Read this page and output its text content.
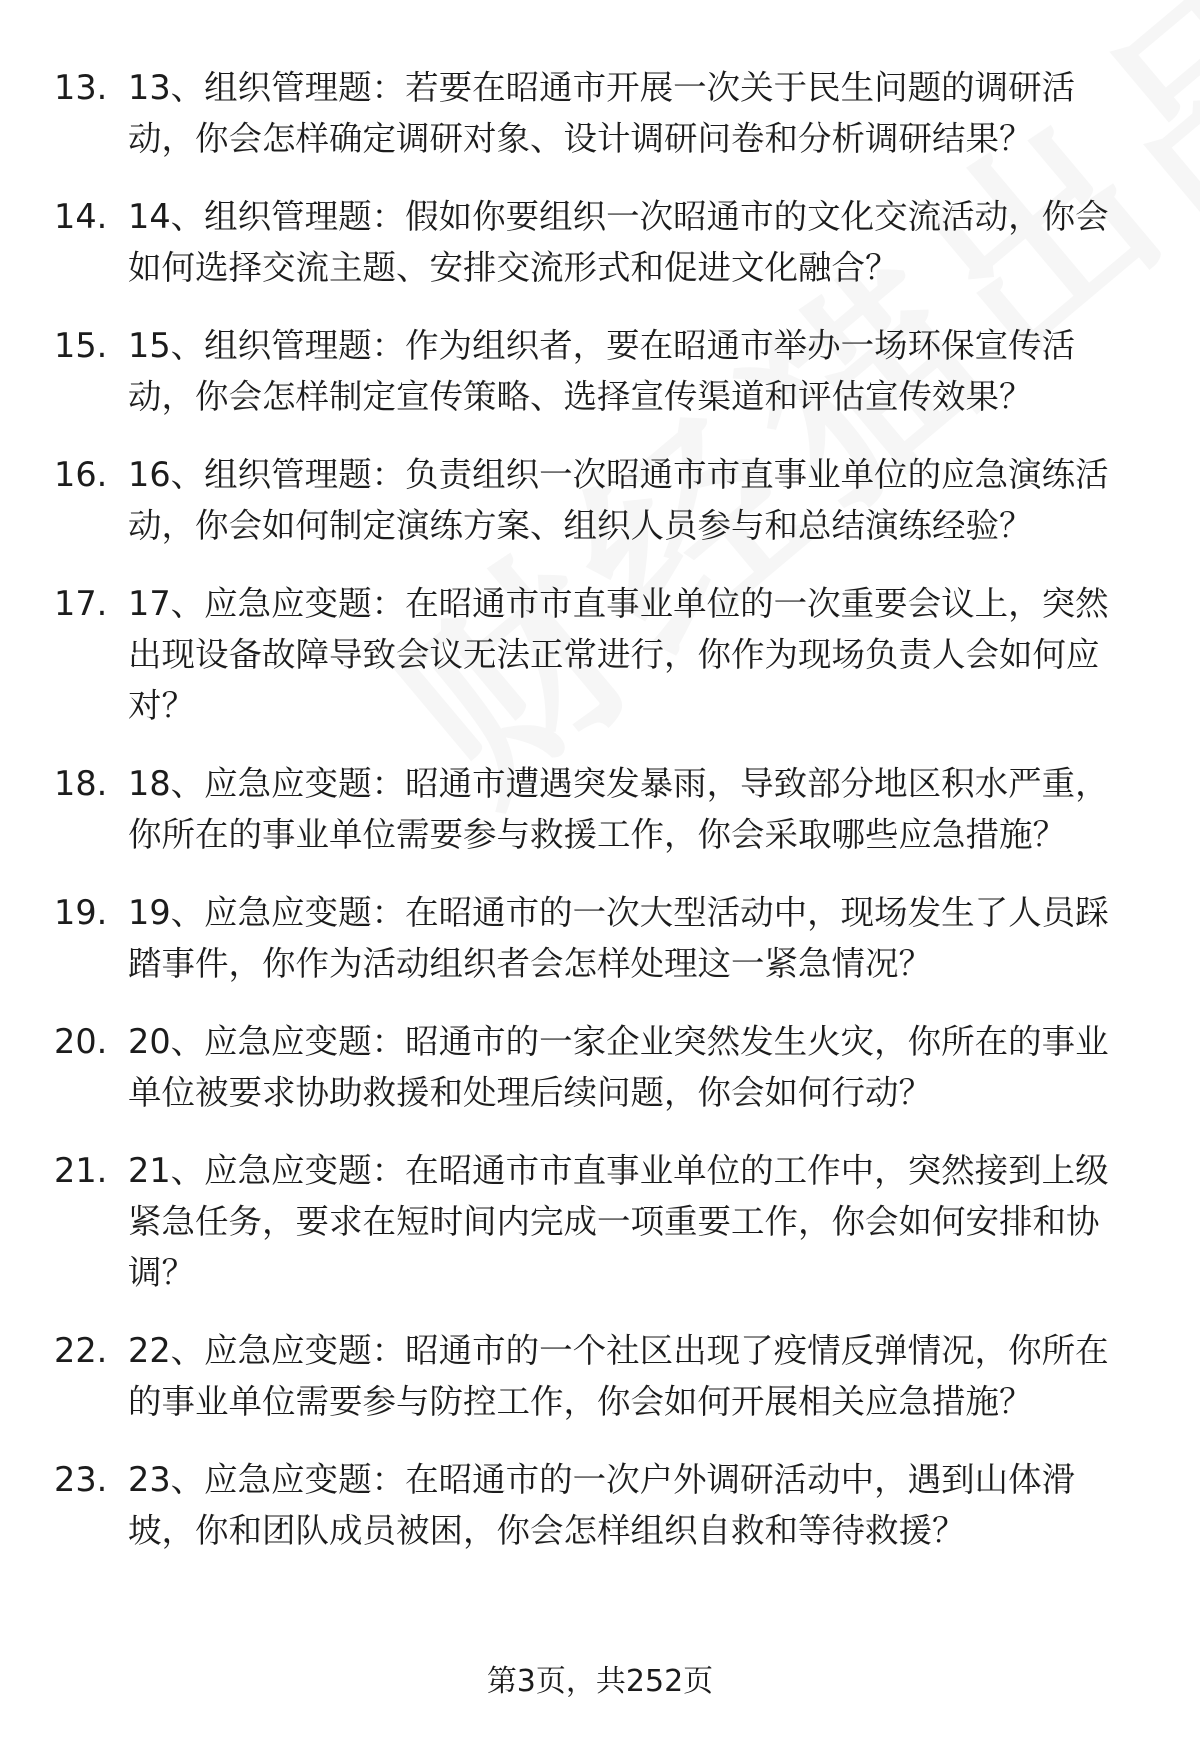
13. 13、组织管理题：若要在昭通市开展一次关于民生问题的调研活动，你会怎样确定调研对象、设计调研问卷和分析调研结果？
14. 14、组织管理题：假如你要组织一次昭通市的文化交流活动，你会如何选择交流主题、安排交流形式和促进文化融合？
15. 15、组织管理题：作为组织者，要在昭通市举办一场环保宣传活动，你会怎样制定宣传策略、选择宣传渠道和评估宣传效果？
16. 16、组织管理题：负责组织一次昭通市市直事业单位的应急演练活动，你会如何制定演练方案、组织人员参与和总结演练经验？
17. 17、应急应变题：在昭通市市直事业单位的一次重要会议上，突然出现设备故障导致会议无法正常进行，你作为现场负责人会如何应对？
18. 18、应急应变题：昭通市遭遇突发暴雨，导致部分地区积水严重，你所在的事业单位需要参与救援工作，你会采取哪些应急措施？
19. 19、应急应变题：在昭通市的一次大型活动中，现场发生了人员踩踏事件，你作为活动组织者会怎样处理这一紧急情况？
20. 20、应急应变题：昭通市的一家企业突然发生火灾，你所在的事业单位被要求协助救援和处理后续问题，你会如何行动？
21. 21、应急应变题：在昭通市市直事业单位的工作中，突然接到上级紧急任务，要求在短时间内完成一项重要工作，你会如何安排和协调？
22. 22、应急应变题：昭通市的一个社区出现了疫情反弹情况，你所在的事业单位需要参与防控工作，你会如何开展相关应急措施？
23. 23、应急应变题：在昭通市的一次户外调研活动中，遇到山体滑坡，你和团队成员被困，你会怎样组织自救和等待救援？
第3页，共252页
